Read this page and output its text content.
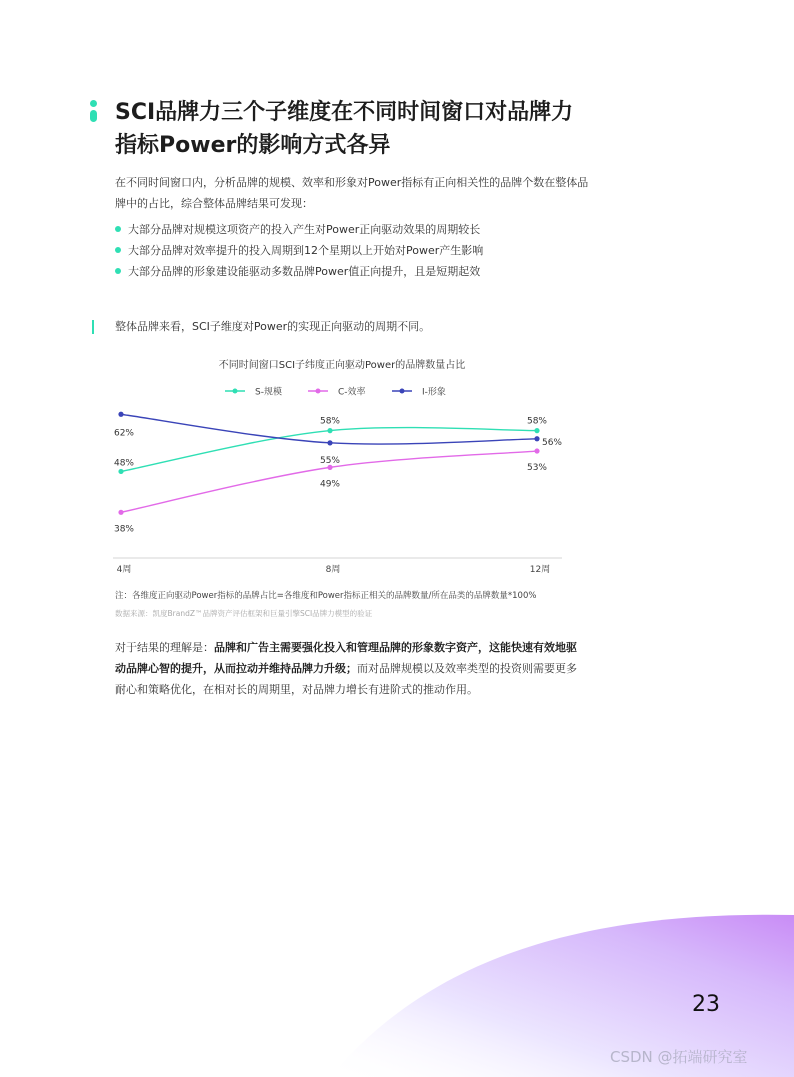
SCI品牌力三个子维度在不同时间窗口对品牌力
指标Power的影响方式各异
在不同时间窗口内，分析品牌的规模、效率和形象对Power指标有正向相关性的品牌个数在整体品牌中的占比，综合整体品牌结果可发现：
大部分品牌对规模这项资产的投入产生对Power正向驱动效果的周期较长
大部分品牌对效率提升的投入周期到12个星期以上开始对Power产生影响
大部分品牌的形象建设能驱动多数品牌Power值正向提升，且是短期起效
整体品牌来看，SCI子维度对Power的实现正向驱动的周期不同。
不同时间窗口SCI子纬度正向驱动Power的品牌数量占比
S-规模	C-效率	I-形象
4周	8周	12周
48%
58%	58%
38%
49%
53%
62%
55%
56%
注：各维度正向驱动Power指标的品牌占比=各维度和Power指标正相关的品牌数量/所在品类的品牌数量*100%
数据来源：凯度BrandZ™品牌资产评估框架和巨量引擎SCI品牌力模型的验证
对于结果的理解是：品牌和广告主需要强化投入和管理品牌的形象数字资产，这能快速有效地驱动品牌心智的提升，从而拉动并维持品牌力升级；而对品牌规模以及效率类型的投资则需要更多耐心和策略优化，在相对长的周期里，对品牌力增长有进阶式的推动作用。
23
CSDN @拓端研究室
